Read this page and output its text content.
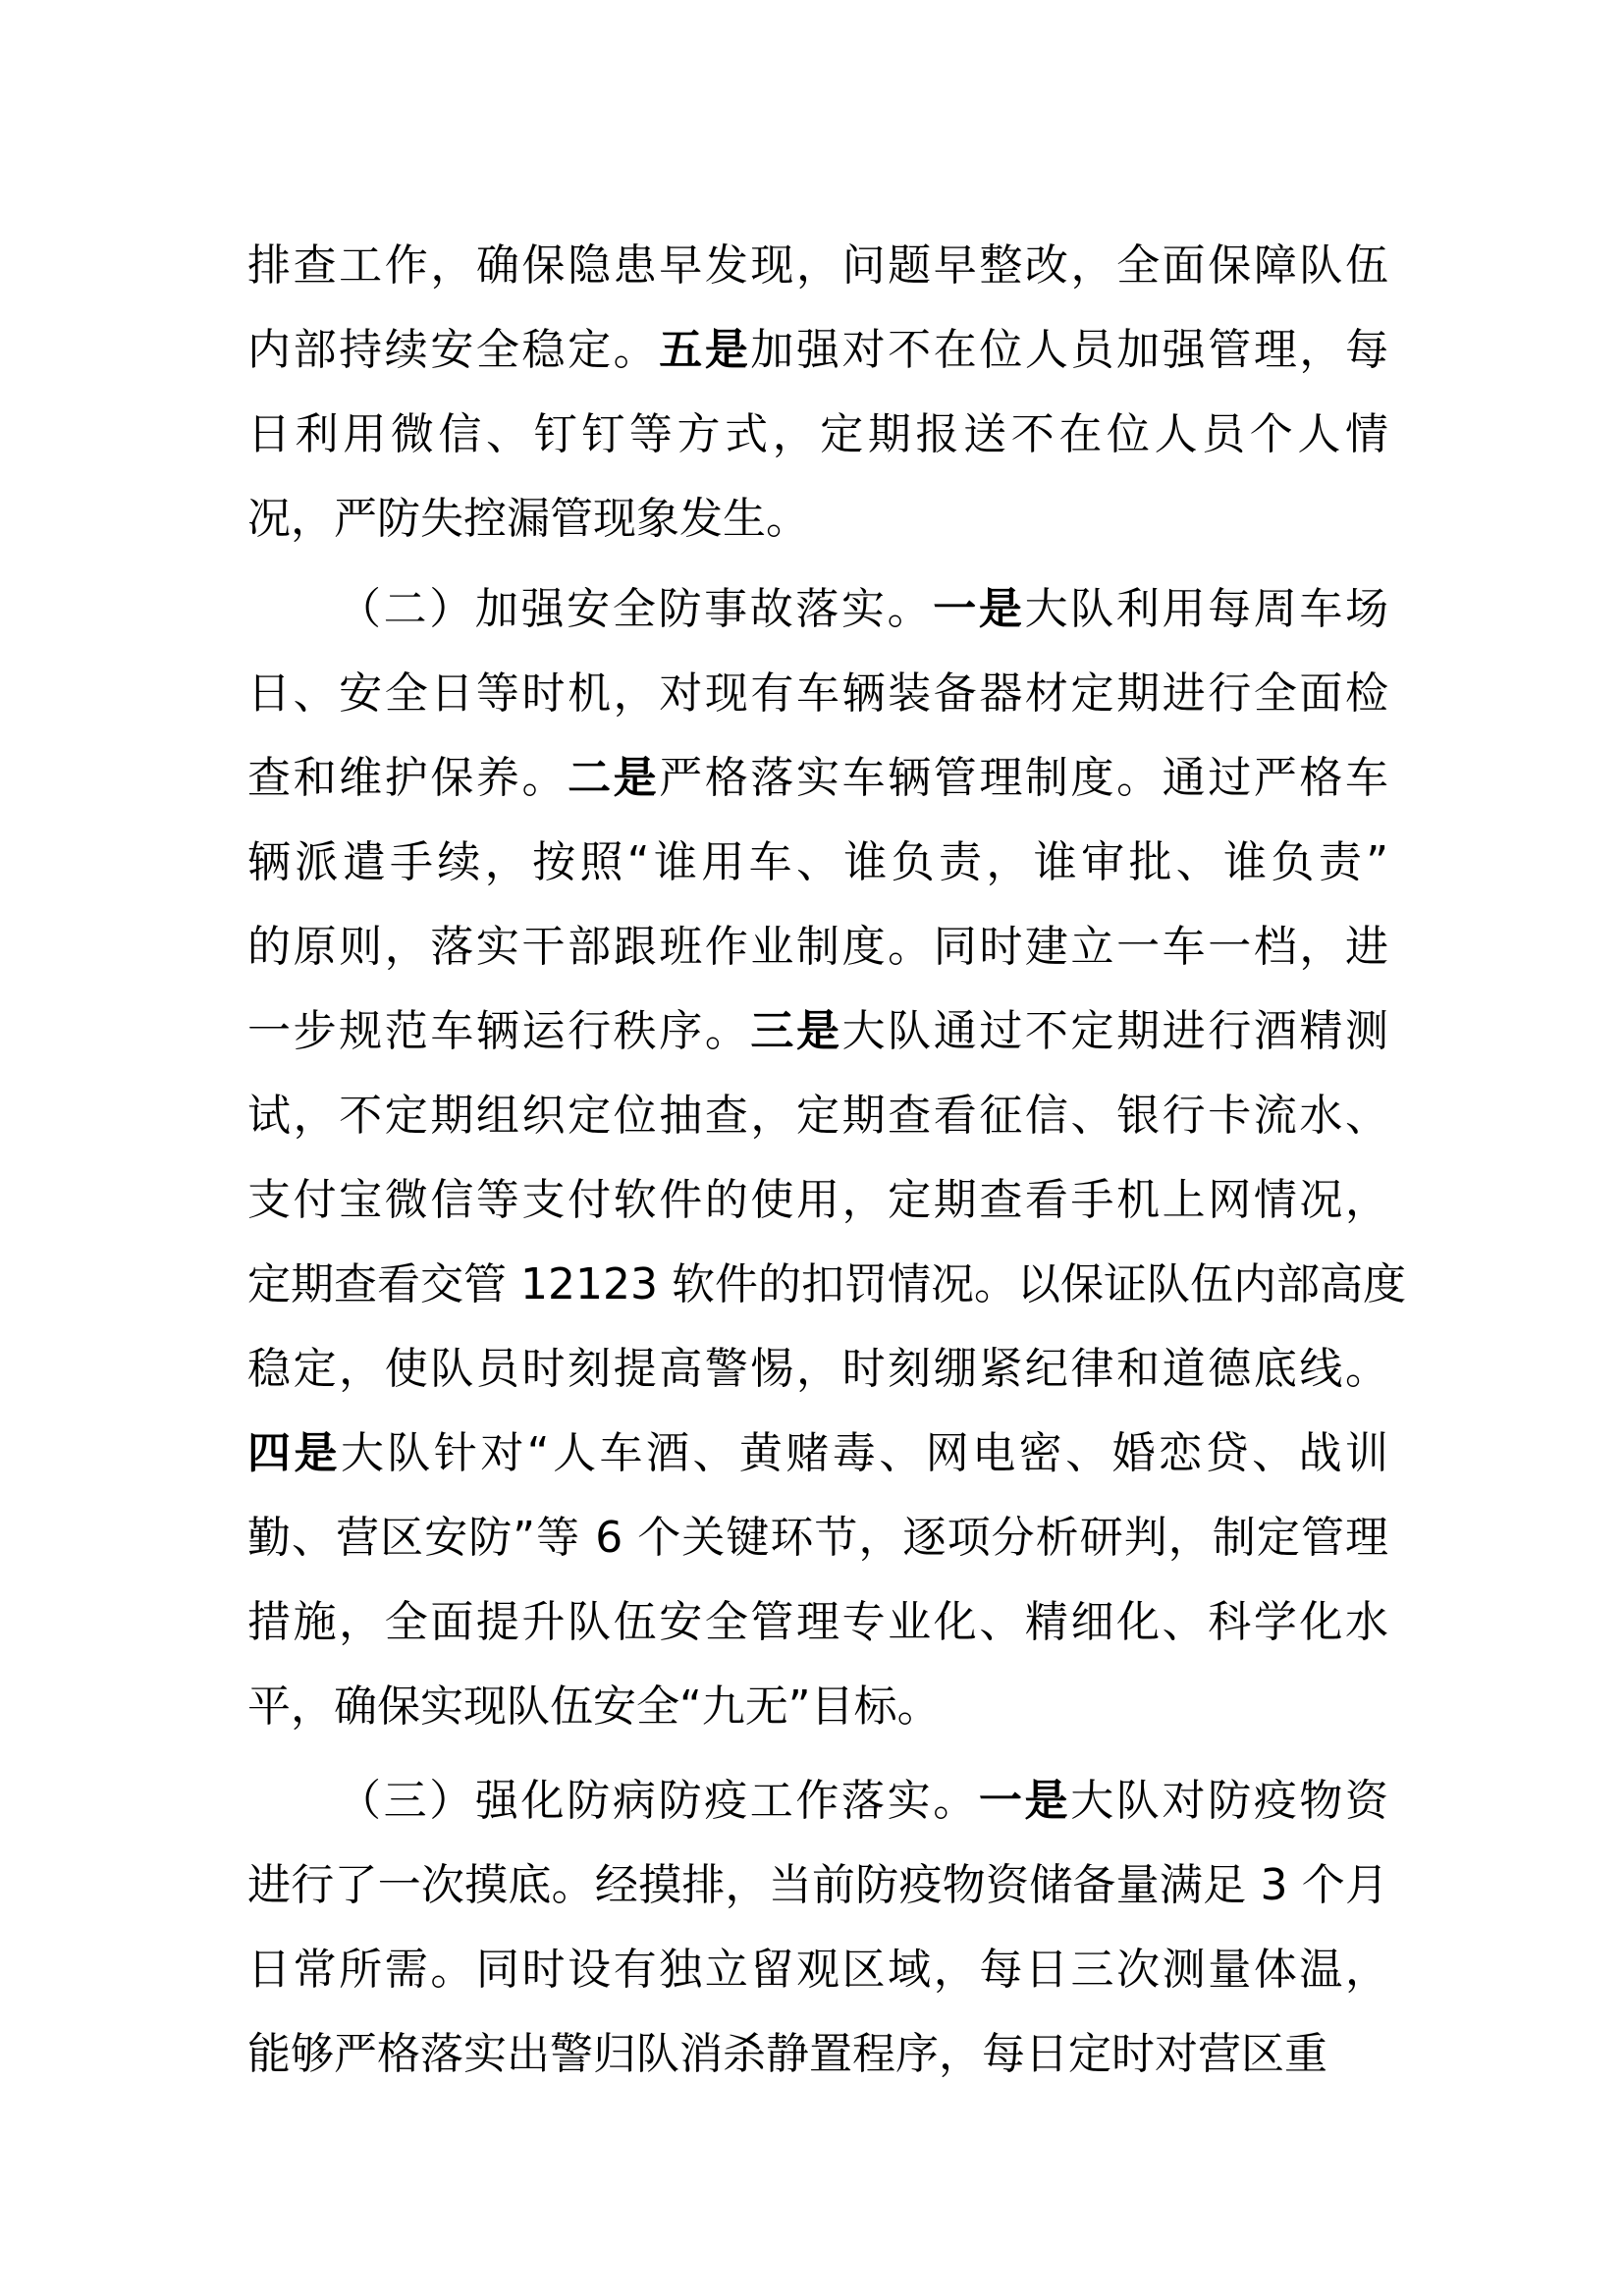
排查工作，确保隐患早发现，问题早整改，全面保障队伍
内部持续安全稳定。五是加强对不在位人员加强管理，每
日利用微信、钉钉等方式，定期报送不在位人员个人情
况，严防失控漏管现象发生。
（二）加强安全防事故落实。一是大队利用每周车场
日、安全日等时机，对现有车辆装备器材定期进行全面检
查和维护保养。二是严格落实车辆管理制度。通过严格车
辆派遣手续，按照“谁用车、谁负责，谁审批、谁负责”
的原则，落实干部跟班作业制度。同时建立一车一档，进
一步规范车辆运行秩序。三是大队通过不定期进行酒精测
试，不定期组织定位抽查，定期查看征信、银行卡流水、
支付宝微信等支付软件的使用，定期查看手机上网情况，
定期查看交管 12123 软件的扣罚情况。以保证队伍内部高度
稳定，使队员时刻提高警惕，时刻绷紧纪律和道德底线。
四是大队针对“人车酒、黄赌毒、网电密、婚恋贷、战训
勤、营区安防”等 6 个关键环节，逐项分析研判，制定管理
措施，全面提升队伍安全管理专业化、精细化、科学化水
平，确保实现队伍安全“九无”目标。
（三）强化防病防疫工作落实。一是大队对防疫物资
进行了一次摸底。经摸排，当前防疫物资储备量满足 3 个月
日常所需。同时设有独立留观区域，每日三次测量体温，
能够严格落实出警归队消杀静置程序，每日定时对营区重
